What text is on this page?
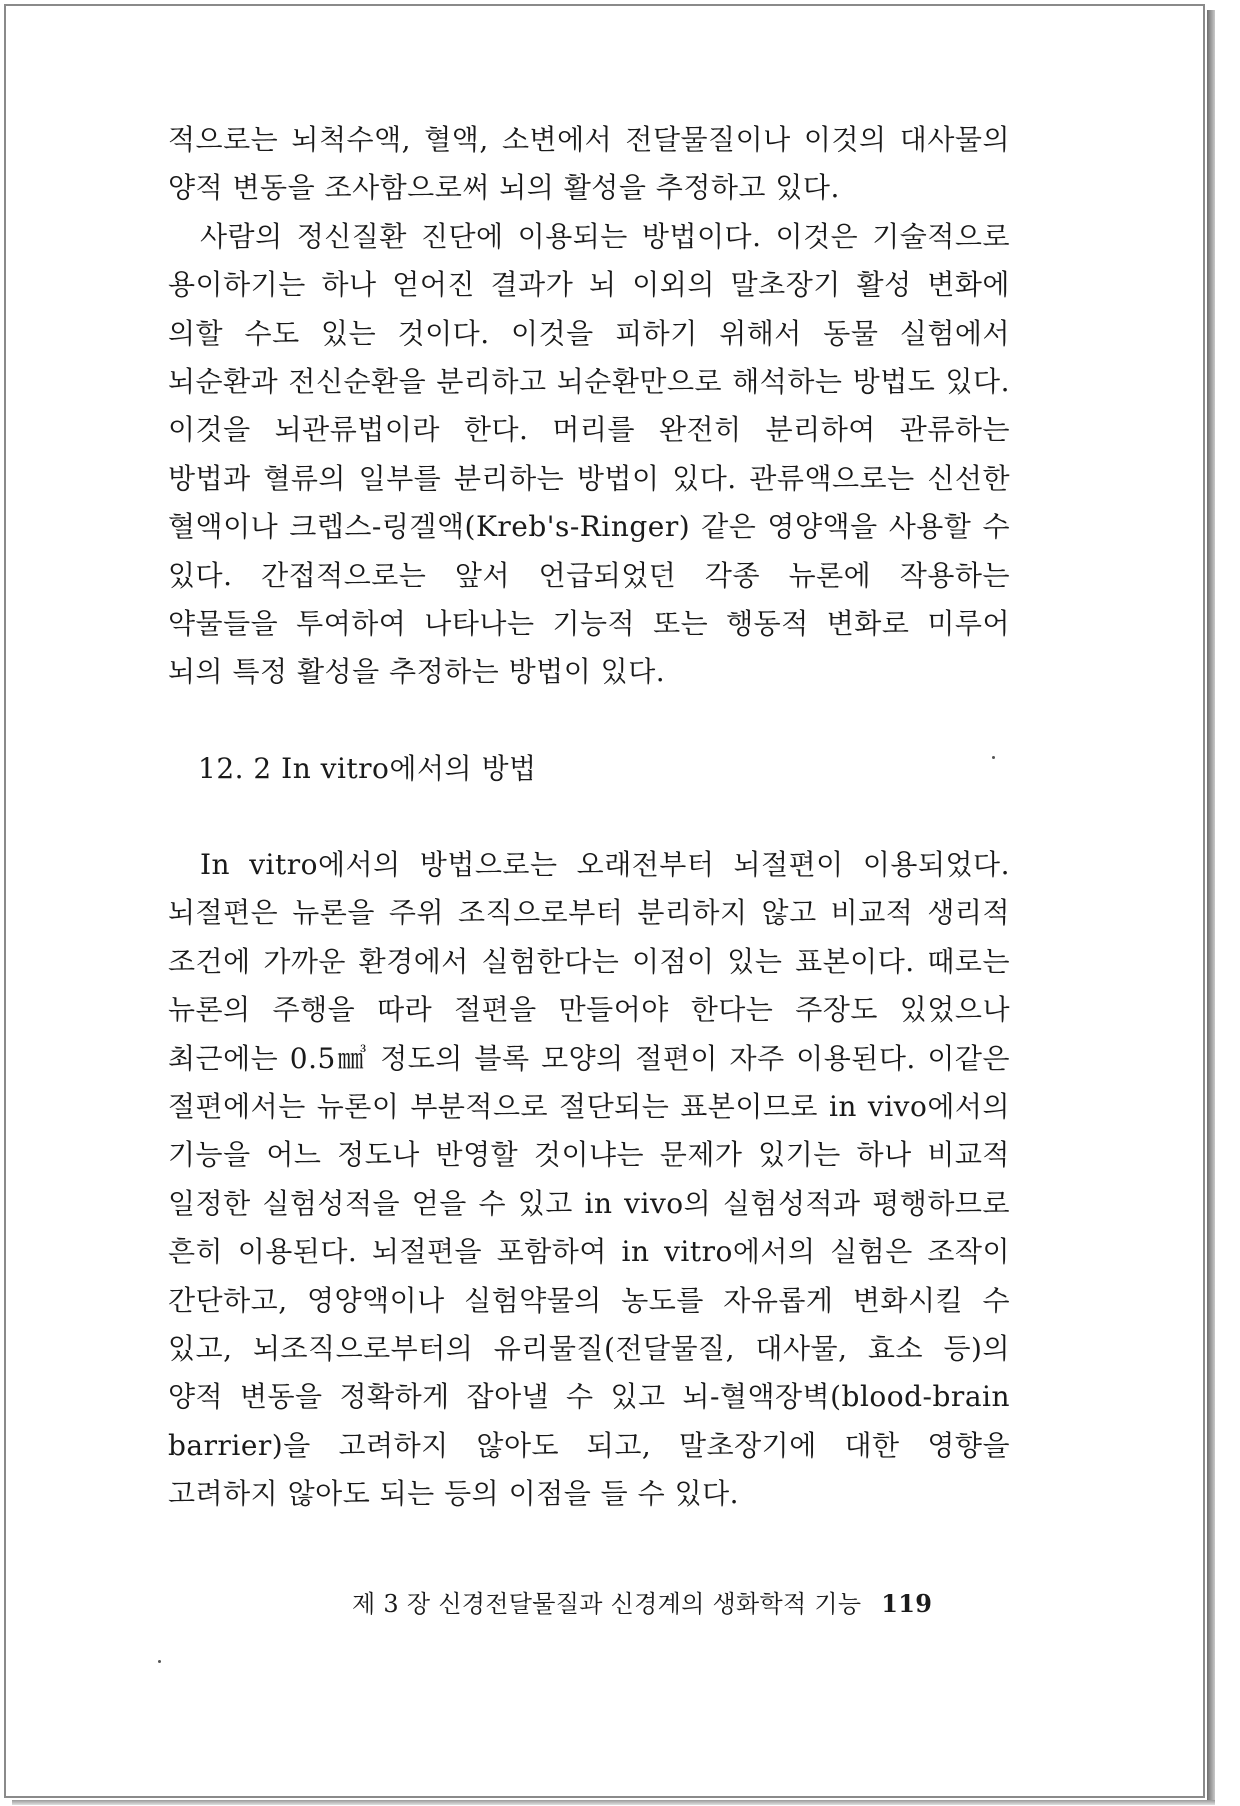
적으로는 뇌척수액, 혈액, 소변에서 전달물질이나 이것의 대사물의 양적 변동을 조사함으로써 뇌의 활성을 추정하고 있다.

사람의 정신질환 진단에 이용되는 방법이다. 이것은 기술적으로 용이하기는 하나 얻어진 결과가 뇌 이외의 말초장기 활성 변화에 의할 수도 있는 것이다. 이것을 피하기 위해서 동물 실험에서 뇌순환과 전신순환을 분리하고 뇌순환만으로 해석하는 방법도 있다. 이것을 뇌관류법이라 한다. 머리를 완전히 분리하여 관류하는 방법과 혈류의 일부를 분리하는 방법이 있다. 관류액으로는 신선한 혈액이나 크렙스-링겔액(Kreb's-Ringer) 같은 영양액을 사용할 수 있다. 간접적으로는 앞서 언급되었던 각종 뉴론에 작용하는 약물들을 투여하여 나타나는 기능적 또는 행동적 변화로 미루어 뇌의 특정 활성을 추정하는 방법이 있다.

12. 2 In vitro에서의 방법

In vitro에서의 방법으로는 오래전부터 뇌절편이 이용되었다. 뇌절편은 뉴론을 주위 조직으로부터 분리하지 않고 비교적 생리적 조건에 가까운 환경에서 실험한다는 이점이 있는 표본이다. 때로는 뉴론의 주행을 따라 절편을 만들어야 한다는 주장도 있었으나 최근에는 0.5㎣ 정도의 블록 모양의 절편이 자주 이용된다. 이같은 절편에서는 뉴론이 부분적으로 절단되는 표본이므로 in vivo에서의 기능을 어느 정도나 반영할 것이냐는 문제가 있기는 하나 비교적 일정한 실험성적을 얻을 수 있고 in vivo의 실험성적과 평행하므로 흔히 이용된다. 뇌절편을 포함하여 in vitro에서의 실험은 조작이 간단하고, 영양액이나 실험약물의 농도를 자유롭게 변화시킬 수 있고, 뇌조직으로부터의 유리물질(전달물질, 대사물, 효소 등)의 양적 변동을 정확하게 잡아낼 수 있고 뇌-혈액장벽(blood-brain barrier)을 고려하지 않아도 되고, 말초장기에 대한 영향을 고려하지 않아도 되는 등의 이점을 들 수 있다.

제 3 장 신경전달물질과 신경계의 생화학적 기능 119
